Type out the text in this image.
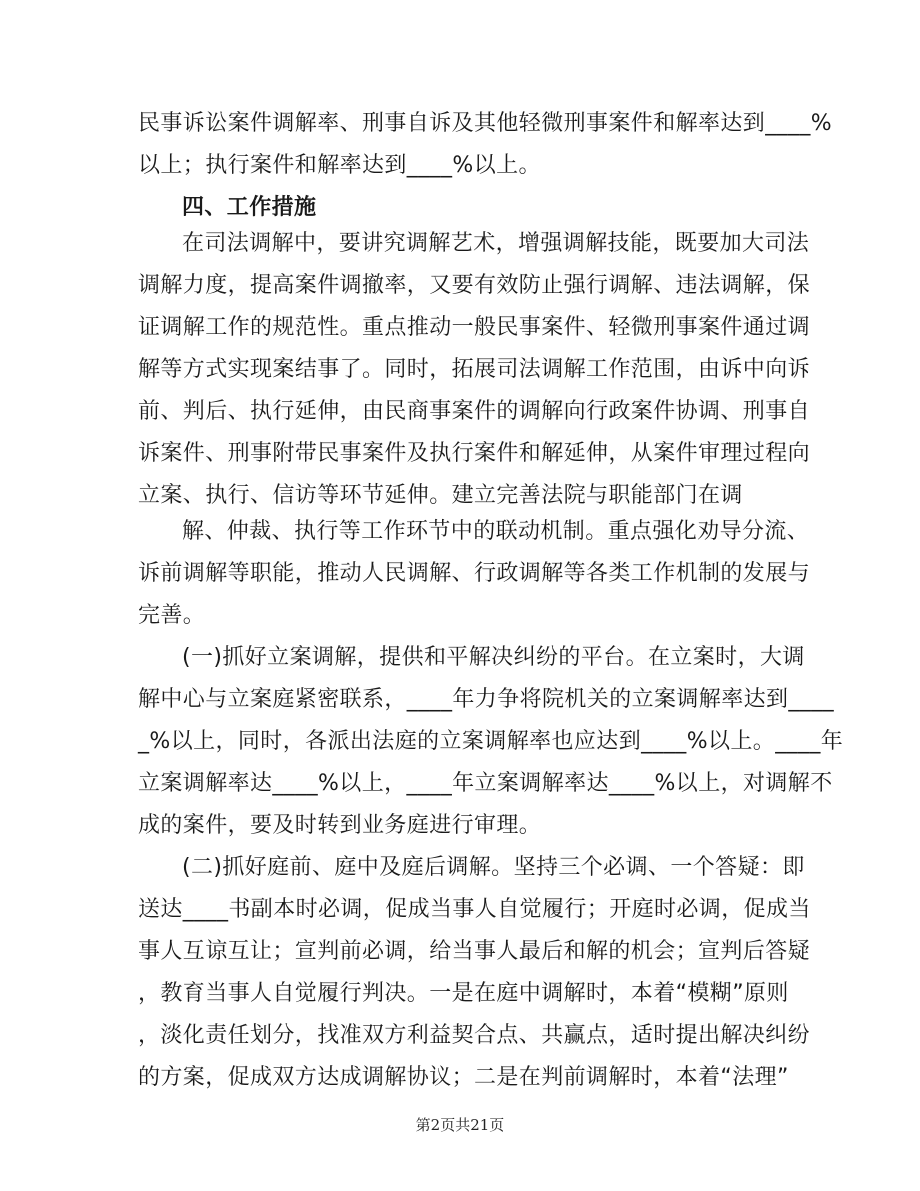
民事诉讼案件调解率、刑事自诉及其他轻微刑事案件和解率达到____%
以上；执行案件和解率达到____%以上。
四、工作措施
在司法调解中，要讲究调解艺术，增强调解技能，既要加大司法
调解力度，提高案件调撤率，又要有效防止强行调解、违法调解，保
证调解工作的规范性。重点推动一般民事案件、轻微刑事案件通过调
解等方式实现案结事了。同时，拓展司法调解工作范围，由诉中向诉
前、判后、执行延伸，由民商事案件的调解向行政案件协调、刑事自
诉案件、刑事附带民事案件及执行案件和解延伸，从案件审理过程向
立案、执行、信访等环节延伸。建立完善法院与职能部门在调
解、仲裁、执行等工作环节中的联动机制。重点强化劝导分流、
诉前调解等职能，推动人民调解、行政调解等各类工作机制的发展与
完善。
(一)抓好立案调解，提供和平解决纠纷的平台。在立案时，大调
解中心与立案庭紧密联系，____年力争将院机关的立案调解率达到____
_%以上，同时，各派出法庭的立案调解率也应达到____%以上。____年
立案调解率达____%以上，____年立案调解率达____%以上，对调解不
成的案件，要及时转到业务庭进行审理。
(二)抓好庭前、庭中及庭后调解。坚持三个必调、一个答疑：即
送达____书副本时必调，促成当事人自觉履行；开庭时必调，促成当
事人互谅互让；宣判前必调，给当事人最后和解的机会；宣判后答疑
，教育当事人自觉履行判决。一是在庭中调解时，本着“模糊”原则
，淡化责任划分，找准双方利益契合点、共赢点，适时提出解决纠纷
的方案，促成双方达成调解协议；二是在判前调解时，本着“法理”
第2页共21页
